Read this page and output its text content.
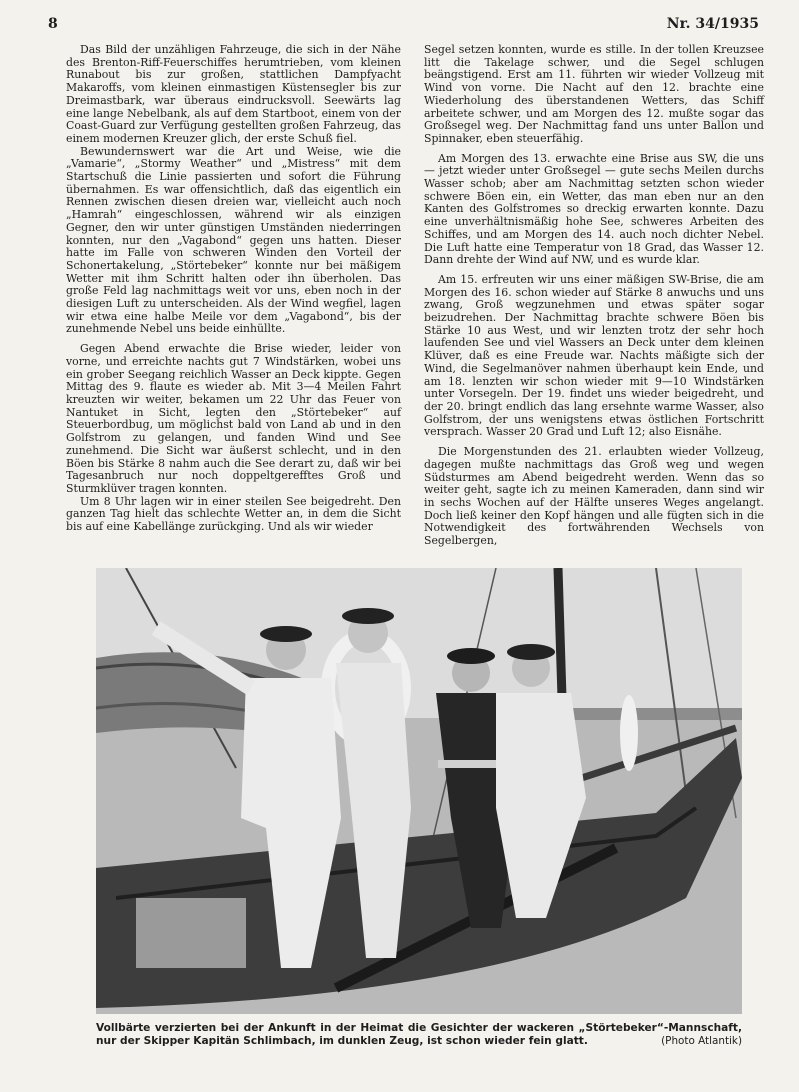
8	Nr. 34/1935

Das Bild der unzähligen Fahrzeuge, die sich in der Nähe des Brenton-Riff-Feuerschiffes herumtrieben, vom kleinen Runabout bis zur großen, stattlichen Dampfyacht Makaroffs, vom kleinen einmastigen Küstensegler bis zur Dreimastbark, war überaus eindrucksvoll. Seewärts lag eine lange Nebelbank, als auf dem Startboot, einem von der Coast-Guard zur Verfügung gestellten großen Fahrzeug, das einem modernen Kreuzer glich, der erste Schuß fiel.

Bewundernswert war die Art und Weise, wie die „Vamarie“, „Stormy Weather“ und „Mistress“ mit dem Startschuß die Linie passierten und sofort die Führung übernahmen. Es war offensichtlich, daß das eigentlich ein Rennen zwischen diesen dreien war, vielleicht auch noch „Hamrah“ eingeschlossen, während wir als einzigen Gegner, den wir unter günstigen Umständen niederringen konnten, nur den „Vagabond“ gegen uns hatten. Dieser hatte im Falle von schweren Winden den Vorteil der Schonertakelung, „Störtebeker“ konnte nur bei mäßigem Wetter mit ihm Schritt halten oder ihn überholen. Das große Feld lag nachmittags weit vor uns, eben noch in der diesigen Luft zu unterscheiden. Als der Wind wegfiel, lagen wir etwa eine halbe Meile vor dem „Vagabond“, bis der zunehmende Nebel uns beide einhüllte.

Gegen Abend erwachte die Brise wieder, leider von vorne, und erreichte nachts gut 7 Windstärken, wobei uns ein grober Seegang reichlich Wasser an Deck kippte. Gegen Mittag des 9. flaute es wieder ab. Mit 3—4 Meilen Fahrt kreuzten wir weiter, bekamen um 22 Uhr das Feuer von Nantuket in Sicht, legten den „Störtebeker“ auf Steuerbordbug, um möglichst bald von Land ab und in den Golfstrom zu gelangen, und fanden Wind und See zunehmend. Die Sicht war äußerst schlecht, und in den Böen bis Stärke 8 nahm auch die See derart zu, daß wir bei Tagesanbruch nur noch doppeltgerefftes Groß und Sturmklüver tragen konnten.

Um 8 Uhr lagen wir in einer steilen See beigedreht. Den ganzen Tag hielt das schlechte Wetter an, in dem die Sicht bis auf eine Kabellänge zurückging. Und als wir wieder

Segel setzen konnten, wurde es stille. In der tollen Kreuzsee litt die Takelage schwer, und die Segel schlugen beängstigend. Erst am 11. führten wir wieder Vollzeug mit Wind von vorne. Die Nacht auf den 12. brachte eine Wiederholung des überstandenen Wetters, das Schiff arbeitete schwer, und am Morgen des 12. mußte sogar das Großsegel weg. Der Nachmittag fand uns unter Ballon und Spinnaker, eben steuerfähig.

Am Morgen des 13. erwachte eine Brise aus SW, die uns — jetzt wieder unter Großsegel — gute sechs Meilen durchs Wasser schob; aber am Nachmittag setzten schon wieder schwere Böen ein, ein Wetter, das man eben nur an den Kanten des Golfstromes so dreckig erwarten konnte. Dazu eine unverhältnismäßig hohe See, schweres Arbeiten des Schiffes, und am Morgen des 14. auch noch dichter Nebel. Die Luft hatte eine Temperatur von 18 Grad, das Wasser 12. Dann drehte der Wind auf NW, und es wurde klar.

Am 15. erfreuten wir uns einer mäßigen SW-Brise, die am Morgen des 16. schon wieder auf Stärke 8 anwuchs und uns zwang, Groß wegzunehmen und etwas später sogar beizudrehen. Der Nachmittag brachte schwere Böen bis Stärke 10 aus West, und wir lenzten trotz der sehr hoch laufenden See und viel Wassers an Deck unter dem kleinen Klüver, daß es eine Freude war. Nachts mäßigte sich der Wind, die Segelmanöver nahmen überhaupt kein Ende, und am 18. lenzten wir schon wieder mit 9—10 Windstärken unter Vorsegeln. Der 19. findet uns wieder beigedreht, und der 20. bringt endlich das lang ersehnte warme Wasser, also Golfstrom, der uns wenigstens etwas östlichen Fortschritt versprach. Wasser 20 Grad und Luft 12; also Eisnähe.

Die Morgenstunden des 21. erlaubten wieder Vollzeug, dagegen mußte nachmittags das Groß weg und wegen Südsturmes am Abend beigedreht werden. Wenn das so weiter geht, sagte ich zu meinen Kameraden, dann sind wir in sechs Wochen auf der Hälfte unseres Weges angelangt. Doch ließ keiner den Kopf hängen und alle fügten sich in die Notwendigkeit des fortwährenden Wechsels von Segelbergen,

Vollbärte verzierten bei der Ankunft in der Heimat die Gesichter der wackeren „Störtebeker“-Mannschaft, nur der Skipper Kapitän Schlimbach, im dunklen Zeug, ist schon wieder fein glatt.	(Photo Atlantik)
